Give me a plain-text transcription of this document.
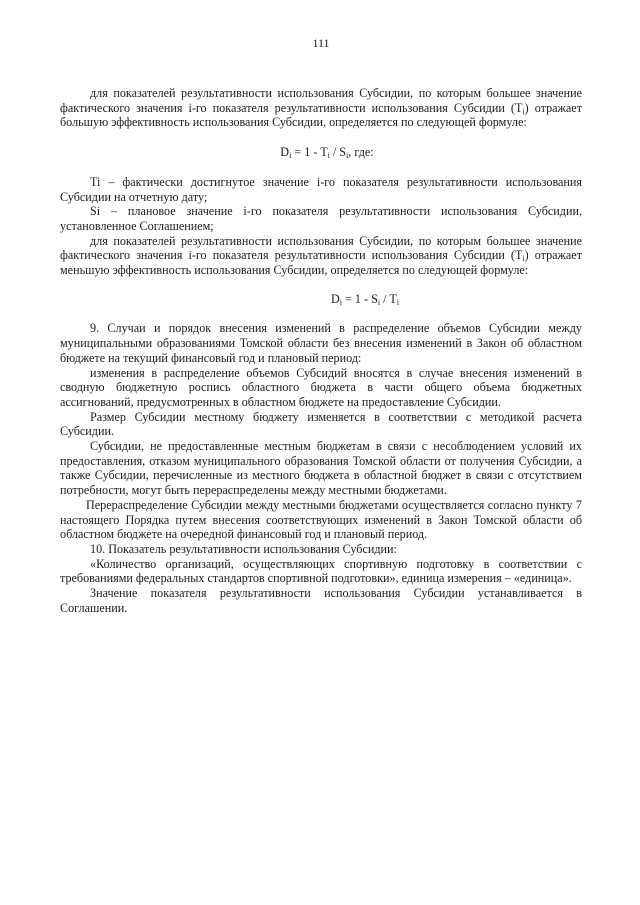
111

для показателей результативности использования Субсидии, по которым большее значение фактического значения i-го показателя результативности использования Субсидии $(T_i)$ отражает большую эффективность использования Субсидии, определяется по следующей формуле:

$D_i = 1 - T_i / S_i$, где:

Ti – фактически достигнутое значение i-го показателя результативности использования Субсидии на отчетную дату;

Si – плановое значение i-го показателя результативности использования Субсидии, установленное Соглашением;

для показателей результативности использования Субсидии, по которым большее значение фактического значения i-го показателя результативности использования Субсидии $(T_i)$ отражает меньшую эффективность использования Субсидии, определяется по следующей формуле:

$D_i = 1 - S_i / T_i$

9. Случаи и порядок внесения изменений в распределение объемов Субсидии между муниципальными образованиями Томской области без внесения изменений в Закон об областном бюджете на текущий финансовый год и плановый период:

изменения в распределение объемов Субсидий вносятся в случае внесения изменений в сводную бюджетную роспись областного бюджета в части общего объема бюджетных ассигнований, предусмотренных в областном бюджете на предоставление Субсидии.

Размер Субсидии местному бюджету изменяется в соответствии с методикой расчета Субсидии.

Субсидии, не предоставленные местным бюджетам в связи с несоблюдением условий их предоставления, отказом муниципального образования Томской области от получения Субсидии, а также Субсидии, перечисленные из местного бюджета в областной бюджет в связи с отсутствием потребности, могут быть перераспределены между местными бюджетами.

Перераспределение Субсидии между местными бюджетами осуществляется согласно пункту 7 настоящего Порядка путем внесения соответствующих изменений в Закон Томской области об областном бюджете на очередной финансовый год и плановый период.

10. Показатель результативности использования Субсидии:

«Количество организаций, осуществляющих спортивную подготовку в соответствии с требованиями федеральных стандартов спортивной подготовки», единица измерения – «единица».

Значение показателя результативности использования Субсидии устанавливается в Соглашении.
